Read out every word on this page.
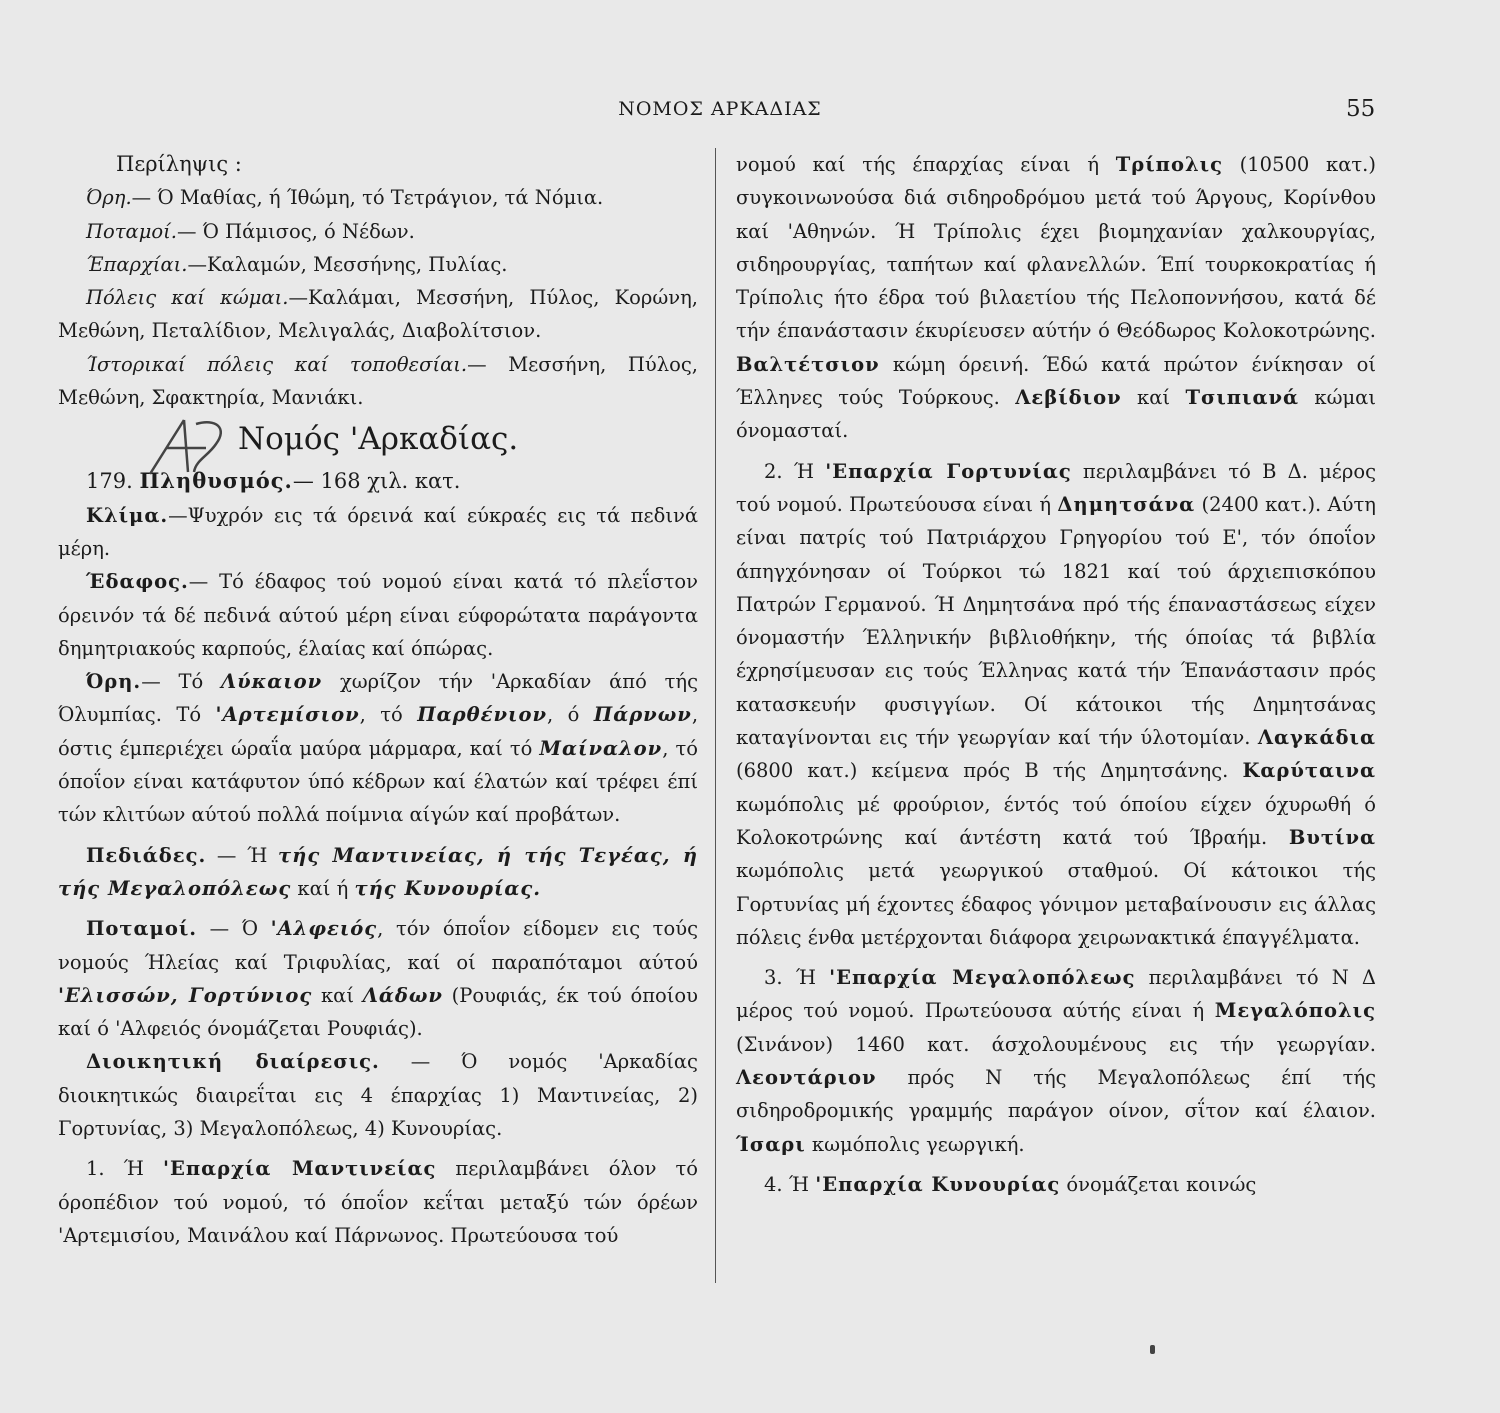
ΝΟΜΟΣ ΑΡΚΑΔΙΑΣ	55

Περίληψις :

Όρη.— Ό Μαθίας, ή Ίθώμη, τό Τετράγιον, τά Νόμια.

Ποταμοί.— Ό Πάμισος, ό Νέδων.

Έπαρχίαι.—Καλαμών, Μεσσήνης, Πυλίας.

Πόλεις καί κώμαι.—Καλάμαι, Μεσσήνη, Πύλος, Κορώνη, Μεθώνη, Πεταλίδιον, Μελιγαλάς, Διαβολίτσιον.

Ίστορικαί πόλεις καί τοποθεσίαι.— Μεσσήνη, Πύλος, Μεθώνη, Σφακτηρία, Μανιάκι.

Νομός 'Αρκαδίας.

179. Πληθυσμός.— 168 χιλ. κατ.

Κλίμα.—Ψυχρόν εις τά όρεινά καί εύκραές εις τά πεδινά μέρη.

Έδαφος.— Τό έδαφος τού νομού είναι κατά τό πλεΐστον όρεινόν τά δέ πεδινά αύτού μέρη είναι εύφορώτατα παράγοντα δημητριακούς καρπούς, έλαίας καί όπώρας.

Όρη.— Τό Λύκαιον χωρίζον τήν 'Αρκαδίαν άπό τής Όλυμπίας. Τό 'Αρτεμίσιον, τό Παρθένιον, ό Πάρνων, όστις έμπεριέχει ώραΐα μαύρα μάρμαρα, καί τό Μαίναλον, τό όποΐον είναι κατάφυτον ύπό κέδρων καί έλατών καί τρέφει έπί τών κλιτύων αύτού πολλά ποίμνια αίγών καί προβάτων.

Πεδιάδες. — Ή τής Μαντινείας, ή τής Τεγέας, ή τής Μεγαλοπόλεως καί ή τής Κυνουρίας.

Ποταμοί. — Ό 'Αλφειός, τόν όποΐον είδομεν εις τούς νομούς Ήλείας καί Τριφυλίας, καί οί παραπόταμοι αύτού 'Ελισσών, Γορτύνιος καί Λάδων (Ρουφιάς, έκ τού όποίου καί ό 'Αλφειός όνομάζεται Ρουφιάς).

Διοικητική διαίρεσις. — Ό νομός 'Αρκαδίας διοικητικώς διαιρεΐται εις 4 έπαρχίας 1) Μαντινείας, 2) Γορτυνίας, 3) Μεγαλοπόλεως, 4) Κυνουρίας.

1. Ή 'Επαρχία Μαντινείας περιλαμβάνει όλον τό όροπέδιον τού νομού, τό όποΐον κεΐται μεταξύ τών όρέων 'Αρτεμισίου, Μαινάλου καί Πάρνωνος. Πρωτεύουσα τού

νομού καί τής έπαρχίας είναι ή Τρίπολις (10500 κατ.) συγκοινωνούσα διά σιδηροδρόμου μετά τού Άργους, Κορίνθου καί 'Αθηνών. Ή Τρίπολις έχει βιομηχανίαν χαλκουργίας, σιδηρουργίας, ταπήτων καί φλανελλών. Έπί τουρκοκρατίας ή Τρίπολις ήτο έδρα τού βιλαετίου τής Πελοποννήσου, κατά δέ τήν έπανάστασιν έκυρίευσεν αύτήν ό Θεόδωρος Κολοκοτρώνης. Βαλτέτσιον κώμη όρεινή. Έδώ κατά πρώτον ένίκησαν οί Έλληνες τούς Τούρκους. Λεβίδιον καί Τσιπιανά κώμαι όνομασταί.

2. Ή 'Επαρχία Γορτυνίας περιλαμβάνει τό Β Δ. μέρος τού νομού. Πρωτεύουσα είναι ή Δημητσάνα (2400 κατ.). Αύτη είναι πατρίς τού Πατριάρχου Γρηγορίου τού Ε', τόν όποΐον άπηγχόνησαν οί Τούρκοι τώ 1821 καί τού άρχιεπισκόπου Πατρών Γερμανού. Ή Δημητσάνα πρό τής έπαναστάσεως είχεν όνομαστήν Έλληνικήν βιβλιοθήκην, τής όποίας τά βιβλία έχρησίμευσαν εις τούς Έλληνας κατά τήν Έπανάστασιν πρός κατασκευήν φυσιγγίων. Οί κάτοικοι τής Δημητσάνας καταγίνονται εις τήν γεωργίαν καί τήν ύλοτομίαν. Λαγκάδια (6800 κατ.) κείμενα πρός Β τής Δημητσάνης. Καρύταινα κωμόπολις μέ φρούριον, έντός τού όποίου είχεν όχυρωθή ό Κολοκοτρώνης καί άντέστη κατά τού Ίβραήμ. Βυτίνα κωμόπολις μετά γεωργικού σταθμού. Οί κάτοικοι τής Γορτυνίας μή έχοντες έδαφος γόνιμον μεταβαίνουσιν εις άλλας πόλεις ένθα μετέρχονται διάφορα χειρωνακτικά έπαγγέλματα.

3. Ή 'Επαρχία Μεγαλοπόλεως περιλαμβάνει τό Ν Δ μέρος τού νομού. Πρωτεύουσα αύτής είναι ή Μεγαλόπολις (Σινάνον) 1460 κατ. άσχολουμένους εις τήν γεωργίαν. Λεοντάριον πρός Ν τής Μεγαλοπόλεως έπί τής σιδηροδρομικής γραμμής παράγον οίνον, σΐτον καί έλαιον. Ίσαρι κωμόπολις γεωργική.

4. Ή 'Επαρχία Κυνουρίας όνομάζεται κοινώς
